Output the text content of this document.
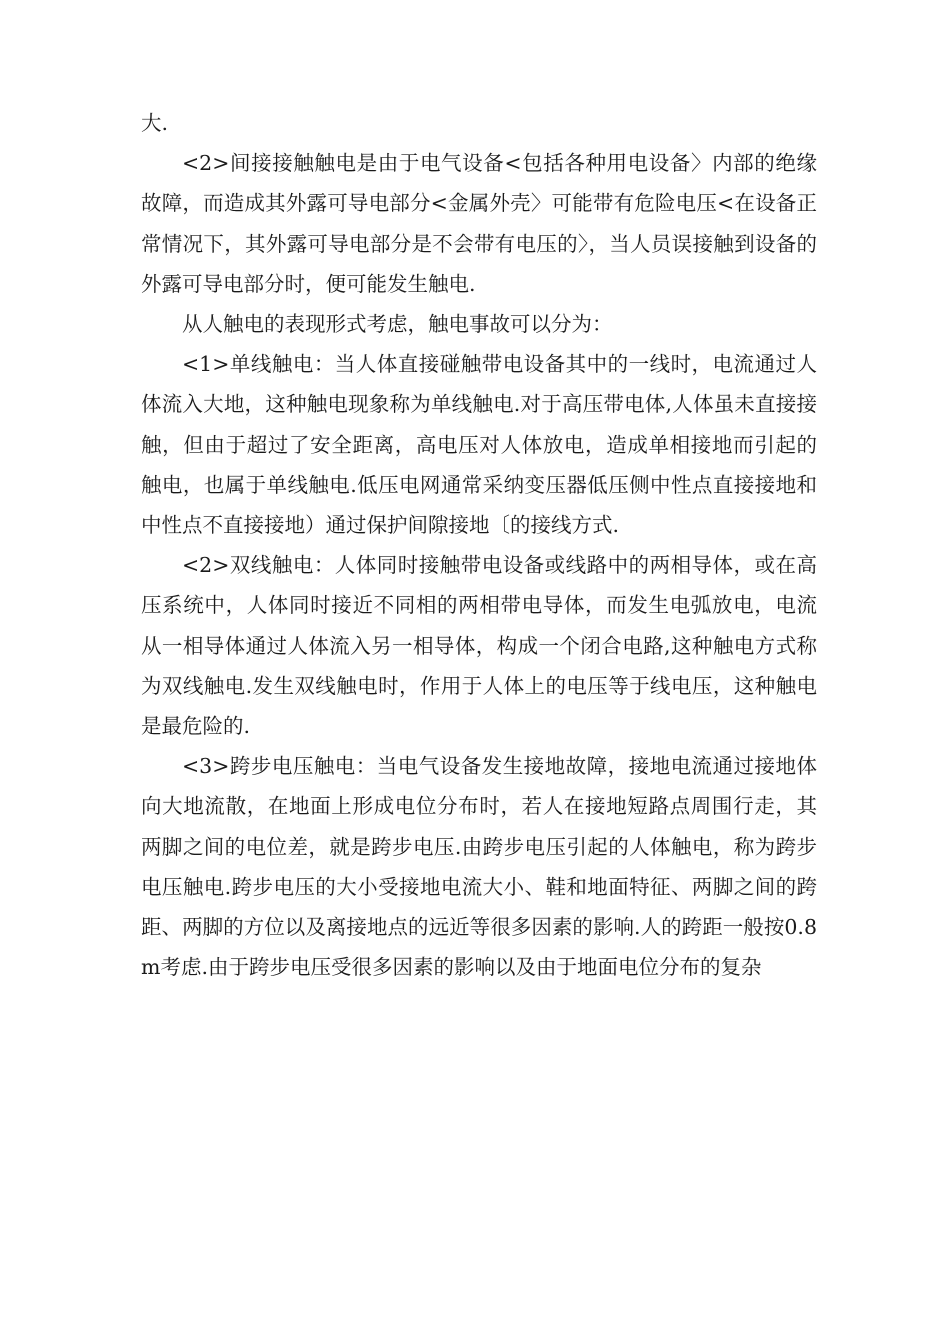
大.

<2>间接接触触电是由于电气设备<包括各种用电设备〉内部的绝缘故障，而造成其外露可导电部分<金属外壳〉可能带有危险电压<在设备正常情况下，其外露可导电部分是不会带有电压的〉，当人员误接触到设备的外露可导电部分时，便可能发生触电.

从人触电的表现形式考虑，触电事故可以分为：

<1>单线触电：当人体直接碰触带电设备其中的一线时，电流通过人体流入大地，这种触电现象称为单线触电.对于高压带电体,人体虽未直接接触，但由于超过了安全距离，高电压对人体放电，造成单相接地而引起的触电，也属于单线触电.低压电网通常采纳变压器低压侧中性点直接接地和中性点不直接接地）通过保护间隙接地〔的接线方式.

<2>双线触电：人体同时接触带电设备或线路中的两相导体，或在高压系统中，人体同时接近不同相的两相带电导体，而发生电弧放电，电流从一相导体通过人体流入另一相导体，构成一个闭合电路,这种触电方式称为双线触电.发生双线触电时，作用于人体上的电压等于线电压，这种触电是最危险的.

<3>跨步电压触电：当电气设备发生接地故障，接地电流通过接地体向大地流散，在地面上形成电位分布时，若人在接地短路点周围行走，其两脚之间的电位差，就是跨步电压.由跨步电压引起的人体触电，称为跨步电压触电.跨步电压的大小受接地电流大小、鞋和地面特征、两脚之间的跨距、两脚的方位以及离接地点的远近等很多因素的影响.人的跨距一般按0.8m考虑.由于跨步电压受很多因素的影响以及由于地面电位分布的复杂
